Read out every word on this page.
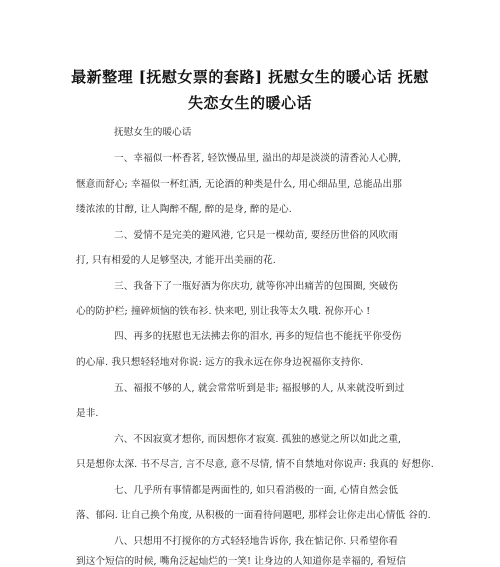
最新整理 [抚慰女票的套路] 抚慰女生的暖心话 抚慰
失恋女生的暖心话
抚慰女生的暖心话
一、幸福似一杯香茗, 轻饮慢品里, 溢出的却是淡淡的清香沁人心脾,
惬意而舒心; 幸福似一杯红酒, 无论酒的种类是什么, 用心细品里, 总能品出那
缕浓浓的甘醇, 让人陶醉不醒, 醉的是身, 醉的是心.
二、爱情不是完美的避风港, 它只是一棵幼苗, 要经历世俗的风吹雨
打, 只有相爱的人足够坚决, 才能开出美丽的花.
三、我备下了一瓶好酒为你庆功, 就等你冲出痛苦的包围圈, 突破伤
心的防护栏; 撞碎烦恼的铁布衫. 快来吧, 别让我等太久哦. 祝你开心 !
四、再多的抚慰也无法拂去你的泪水, 再多的短信也不能抚平你受伤
的心扉. 我只想轻轻地对你说: 远方的我永远在你身边祝福你支持你.
五、福报不够的人, 就会常常听到是非; 福报够的人, 从来就没听到过
是非.
六、不因寂寞才想你, 而因想你才寂寞. 孤独的感觉之所以如此之重,
只是想你太深. 书不尽言, 言不尽意, 意不尽情, 情不自禁地对你说声: 我真的 好想你.
七、几乎所有事情都是两面性的, 如只看消极的一面, 心情自然会低
落、郁闷. 让自己换个角度, 从积极的一面看待问题吧, 那样会让你走出心情低 谷的.
八、只想用不打搅你的方式轻轻地告诉你, 我在惦记你. 只希望你看
到这个短信的时候, 嘴角泛起灿烂的一笑! 让身边的人知道你是幸福的, 看短信
